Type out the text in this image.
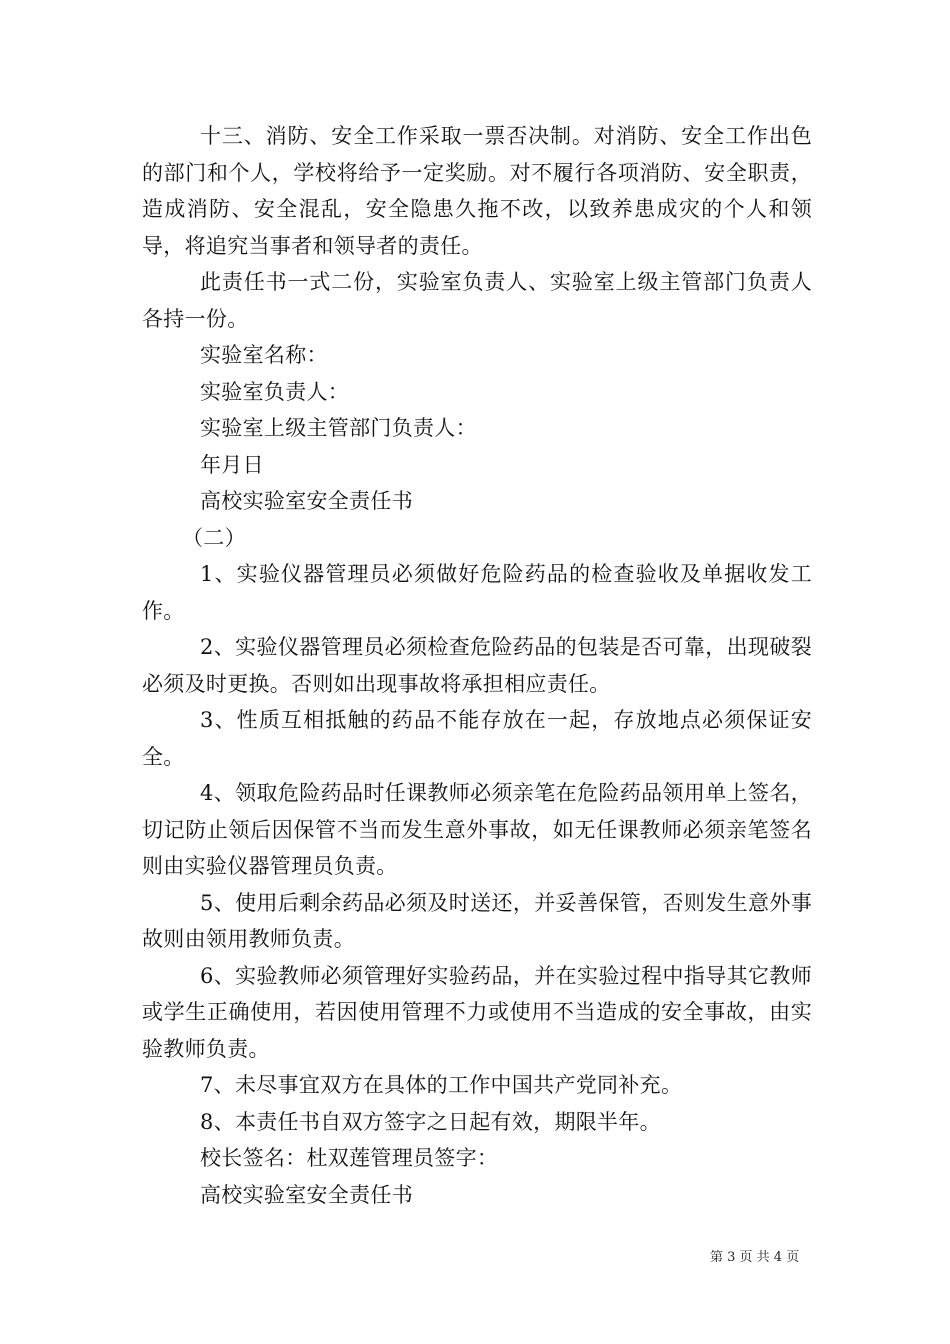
十三、消防、安全工作采取一票否决制。对消防、安全工作出色的部门和个人，学校将给予一定奖励。对不履行各项消防、安全职责，造成消防、安全混乱，安全隐患久拖不改，以致养患成灾的个人和领导，将追究当事者和领导者的责任。

此责任书一式二份，实验室负责人、实验室上级主管部门负责人各持一份。

实验室名称：

实验室负责人：

实验室上级主管部门负责人：

年月日

高校实验室安全责任书

（二）

1、实验仪器管理员必须做好危险药品的检查验收及单据收发工作。

2、实验仪器管理员必须检查危险药品的包装是否可靠，出现破裂必须及时更换。否则如出现事故将承担相应责任。

3、性质互相抵触的药品不能存放在一起，存放地点必须保证安全。

4、领取危险药品时任课教师必须亲笔在危险药品领用单上签名，切记防止领后因保管不当而发生意外事故，如无任课教师必须亲笔签名则由实验仪器管理员负责。

5、使用后剩余药品必须及时送还，并妥善保管，否则发生意外事故则由领用教师负责。

6、实验教师必须管理好实验药品，并在实验过程中指导其它教师或学生正确使用，若因使用管理不力或使用不当造成的安全事故，由实验教师负责。

7、未尽事宜双方在具体的工作中国共产党同补充。

8、本责任书自双方签字之日起有效，期限半年。

校长签名：杜双莲管理员签字：

高校实验室安全责任书

第 3 页 共 4 页
